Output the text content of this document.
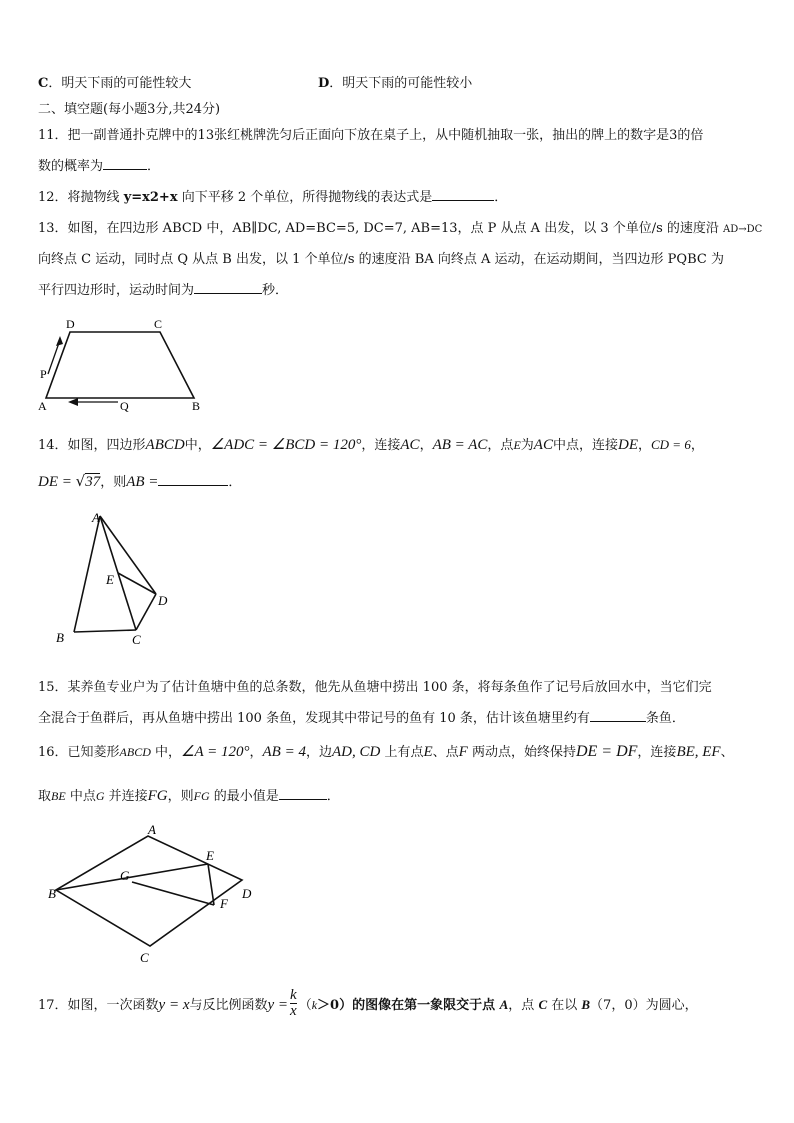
C．明天下雨的可能性较大	D．明天下雨的可能性较小
二、填空题(每小题3分,共24分)
11．把一副普通扑克牌中的13张红桃牌洗匀后正面向下放在桌子上，从中随机抽取一张，抽出的牌上的数字是3的倍
数的概率为	．
12．将抛物线 y=x2+x 向下平移 2 个单位，所得抛物线的表达式是	．
13．如图，在四边形 ABCD 中，AB∥DC, AD=BC=5, DC=7, AB=13，点 P 从点 A 出发，以 3 个单位/s 的速度沿 AD→DC
向终点 C 运动，同时点 Q 从点 B 出发，以 1 个单位/s 的速度沿 BA 向终点 A 运动，在运动期间，当四边形 PQBC 为
平行四边形时，运动时间为	秒．
D	C
A	B
P
Q
14．如图，四边形ABCD中，∠ADC = ∠BCD = 120°，连接AC，AB = AC，点E为AC中点，连接DE，CD = 6，
DE = √37，则AB =	．
A
E
D
B	C
15．某养鱼专业户为了估计鱼塘中鱼的总条数，他先从鱼塘中捞出 100 条，将每条鱼作了记号后放回水中，当它们完
全混合于鱼群后，再从鱼塘中捞出 100 条鱼，发现其中带记号的鱼有 10 条，估计该鱼塘里约有	条鱼．
16．已知菱形ABCD 中，∠A = 120°，AB = 4，边AD, CD 上有点E、点F 两动点，始终保持DE = DF，连接BE, EF、
取BE 中点G 并连接FG，则FG 的最小值是	．
A
E
D
B
G
F
C
17．如图，一次函数y = x与反比例函数$y = \frac{k}{x} (k>0)$的图像在第一象限交于点 A，点 C 在以 B（7，0）为圆心，
